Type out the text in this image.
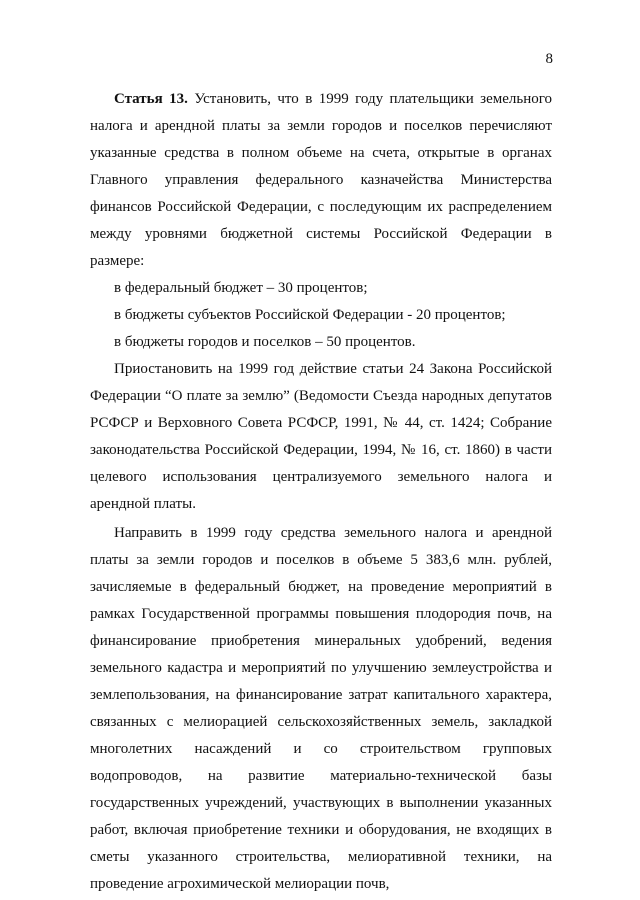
8

Статья 13. Установить, что в 1999 году плательщики земельного налога и арендной платы за земли городов и поселков перечисляют указанные средства в полном объеме на счета, открытые в органах Главного управления федерального казначейства Министерства финансов Российской Федерации, с последующим их распределением между уровнями бюджетной системы Российской Федерации в размере:

в федеральный бюджет – 30 процентов;

в бюджеты субъектов Российской Федерации - 20 процентов;

в бюджеты городов и поселков – 50 процентов.

Приостановить на 1999 год действие статьи 24 Закона Российской Федерации “О плате за землю” (Ведомости Съезда народных депутатов РСФСР и Верховного Совета РСФСР, 1991, № 44, ст. 1424; Собрание законодательства Российской Федерации, 1994, № 16, ст. 1860) в части целевого использования централизуемого земельного налога и арендной платы.

Направить в 1999 году средства земельного налога и арендной платы за земли городов и поселков в объеме 5 383,6 млн. рублей, зачисляемые в федеральный бюджет, на проведение мероприятий в рамках Государственной программы повышения плодородия почв, на финансирование приобретения минеральных удобрений, ведения земельного кадастра и мероприятий по улучшению землеустройства и землепользования, на финансирование затрат капитального характера, связанных с мелиорацией сельскохозяйственных земель, закладкой многолетних насаждений и со строительством групповых водопроводов, на развитие материально-технической базы государственных учреждений, участвующих в выполнении указанных работ, включая приобретение техники и оборудования, не входящих в сметы указанного строительства, мелиоративной техники, на проведение агрохимической мелиорации почв,
